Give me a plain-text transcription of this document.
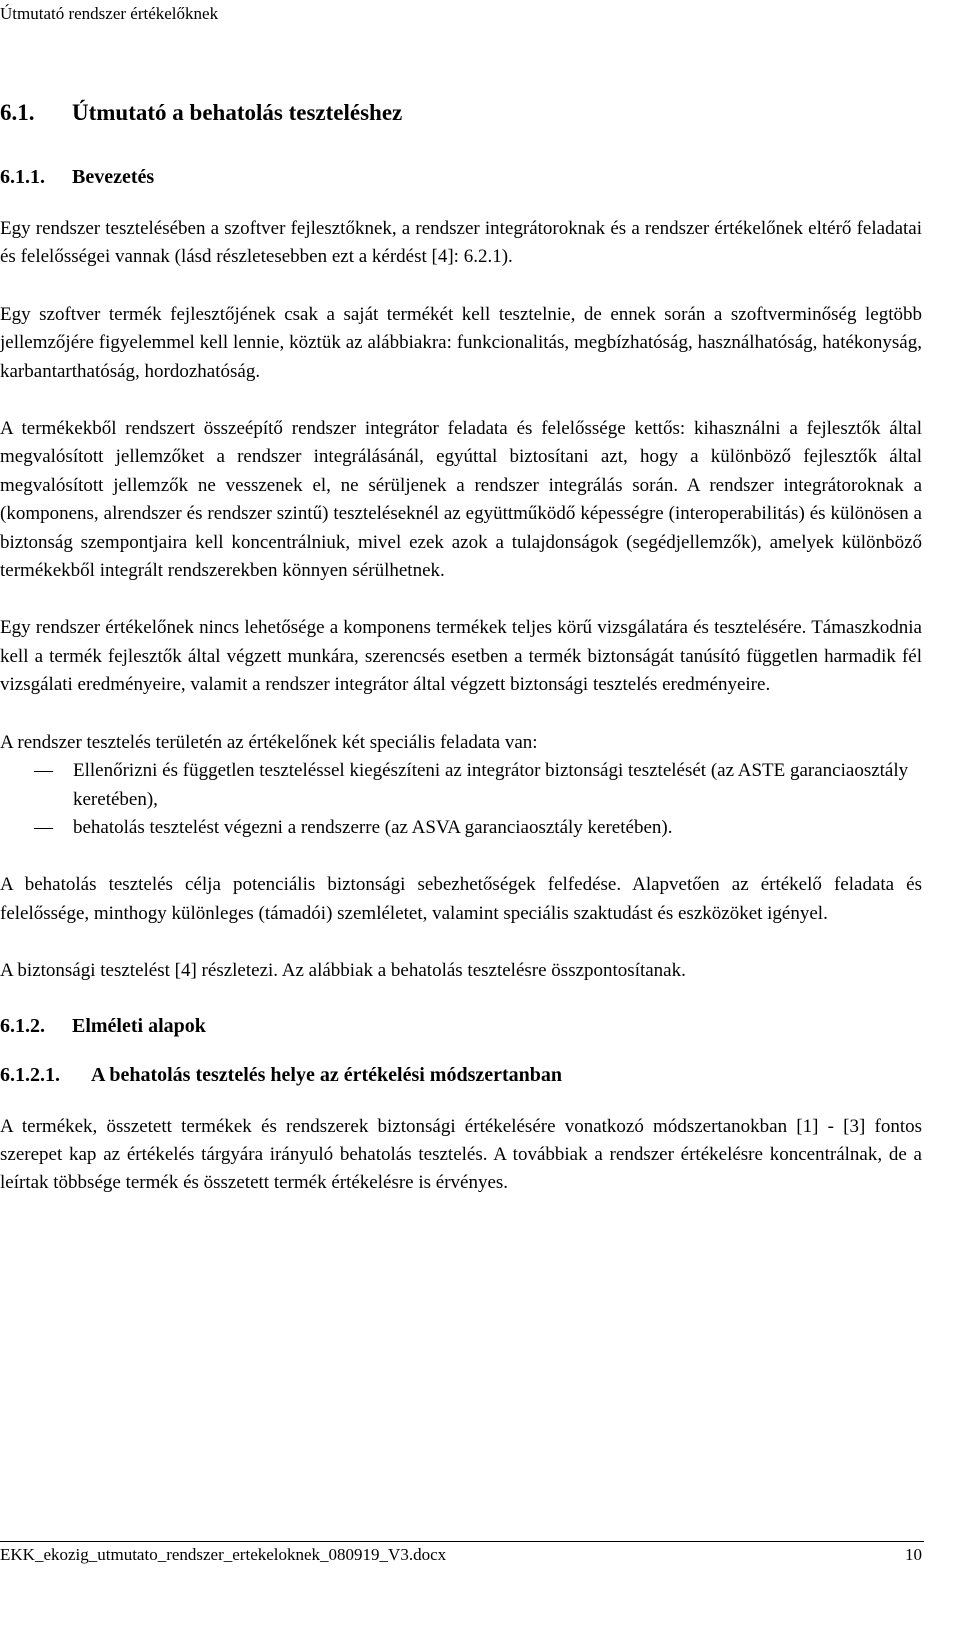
Útmutató rendszer értékelőknek
6.1.	Útmutató a behatolás teszteléshez
6.1.1.	Bevezetés

Egy rendszer tesztelésében a szoftver fejlesztőknek, a rendszer integrátoroknak és a rendszer értékelőnek eltérő feladatai és felelősségei vannak (lásd részletesebben ezt a kérdést [4]: 6.2.1).

Egy szoftver termék fejlesztőjének csak a saját termékét kell tesztelnie, de ennek során a szoftverminőség legtöbb jellemzőjére figyelemmel kell lennie, köztük az alábbiakra: funkcionalitás, megbízhatóság, használhatóság, hatékonyság, karbantarthatóság, hordozhatóság.

A termékekből rendszert összeépítő rendszer integrátor feladata és felelőssége kettős: kihasználni a fejlesztők által megvalósított jellemzőket a rendszer integrálásánál, egyúttal biztosítani azt, hogy a különböző fejlesztők által megvalósított jellemzők ne vesszenek el, ne sérüljenek a rendszer integrálás során. A rendszer integrátoroknak a (komponens, alrendszer és rendszer szintű) teszteléseknél az együttműködő képességre (interoperabilitás) és különösen a biztonság szempontjaira kell koncentrálniuk, mivel ezek azok a tulajdonságok (segédjellemzők), amelyek különböző termékekből integrált rendszerekben könnyen sérülhetnek.

Egy rendszer értékelőnek nincs lehetősége a komponens termékek teljes körű vizsgálatára és tesztelésére. Támaszkodnia kell a termék fejlesztők által végzett munkára, szerencsés esetben a termék biztonságát tanúsító független harmadik fél vizsgálati eredményeire, valamit a rendszer integrátor által végzett biztonsági tesztelés eredményeire.

A rendszer tesztelés területén az értékelőnek két speciális feladata van:

—	Ellenőrizni és független teszteléssel kiegészíteni az integrátor biztonsági tesztelését (az ASTE garanciaosztály keretében),
—	behatolás tesztelést végezni a rendszerre (az ASVA garanciaosztály keretében).

A behatolás tesztelés célja potenciális biztonsági sebezhetőségek felfedése. Alapvetően az értékelő feladata és felelőssége, minthogy különleges (támadói) szemléletet, valamint speciális szaktudást és eszközöket igényel.

A biztonsági tesztelést [4] részletezi. Az alábbiak a behatolás tesztelésre összpontosítanak.

6.1.2.	Elméleti alapok
6.1.2.1.	A behatolás tesztelés helye az értékelési módszertanban

A termékek, összetett termékek és rendszerek biztonsági értékelésére vonatkozó módszertanokban [1] - [3] fontos szerepet kap az értékelés tárgyára irányuló behatolás tesztelés. A továbbiak a rendszer értékelésre koncentrálnak, de a leírtak többsége termék és összetett termék értékelésre is érvényes.

EKK_ekozig_utmutato_rendszer_ertekeloknek_080919_V3.docx	10
